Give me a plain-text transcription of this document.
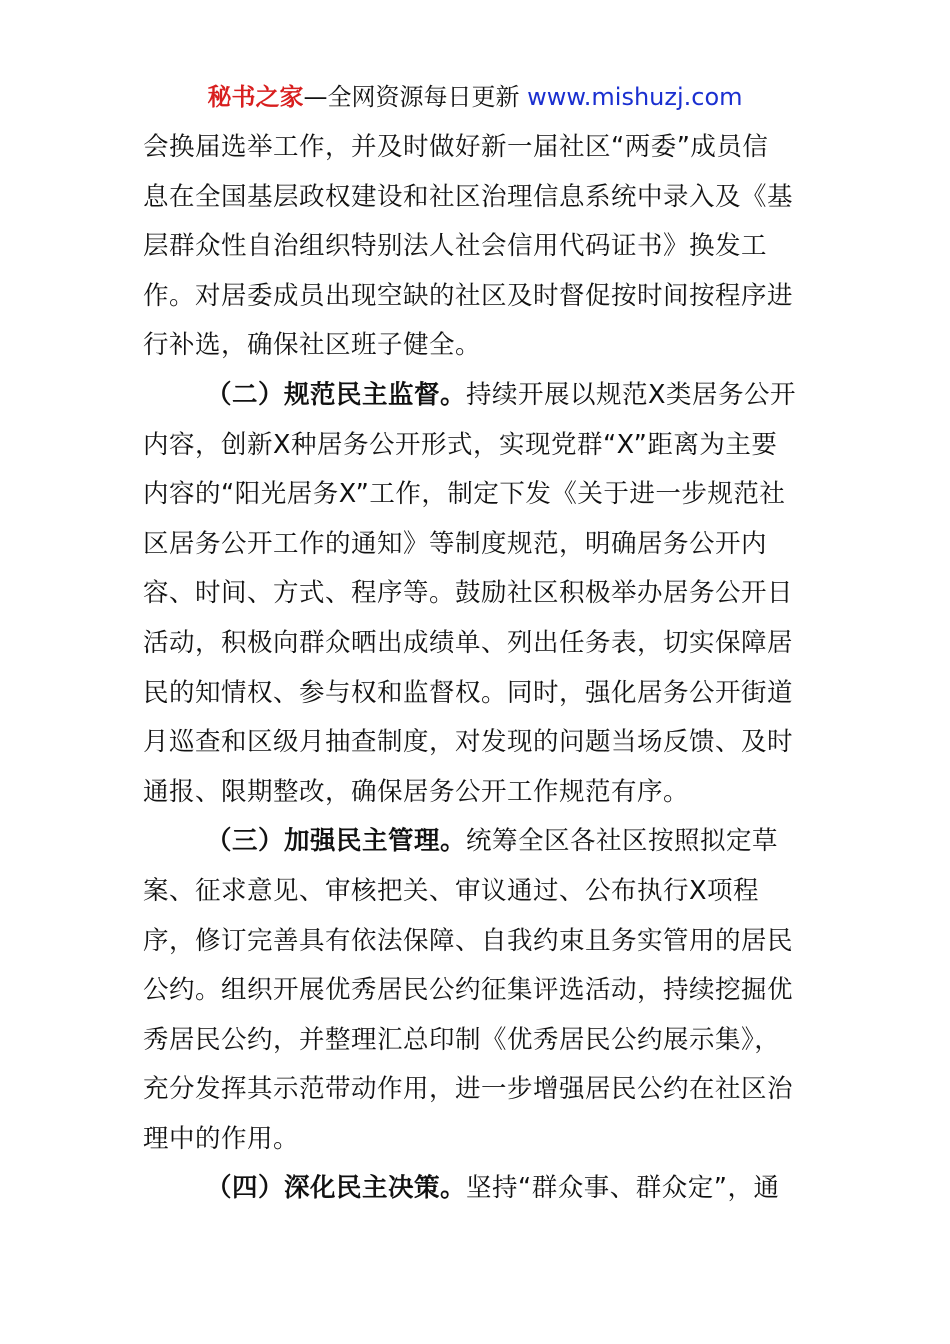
秘书之家—全网资源每日更新 www.mishuzj.com
会换届选举工作，并及时做好新一届社区“两委”成员信
息在全国基层政权建设和社区治理信息系统中录入及《基
层群众性自治组织特别法人社会信用代码证书》换发工
作。对居委成员出现空缺的社区及时督促按时间按程序进
行补选，确保社区班子健全。
（二）规范民主监督。持续开展以规范X类居务公开
内容，创新X种居务公开形式，实现党群“X”距离为主要
内容的“阳光居务X”工作，制定下发《关于进一步规范社
区居务公开工作的通知》等制度规范，明确居务公开内
容、时间、方式、程序等。鼓励社区积极举办居务公开日
活动，积极向群众晒出成绩单、列出任务表，切实保障居
民的知情权、参与权和监督权。同时，强化居务公开街道
月巡查和区级月抽查制度，对发现的问题当场反馈、及时
通报、限期整改，确保居务公开工作规范有序。
（三）加强民主管理。统筹全区各社区按照拟定草
案、征求意见、审核把关、审议通过、公布执行X项程
序，修订完善具有依法保障、自我约束且务实管用的居民
公约。组织开展优秀居民公约征集评选活动，持续挖掘优
秀居民公约，并整理汇总印制《优秀居民公约展示集》，
充分发挥其示范带动作用，进一步增强居民公约在社区治
理中的作用。
（四）深化民主决策。坚持“群众事、群众定”，通
